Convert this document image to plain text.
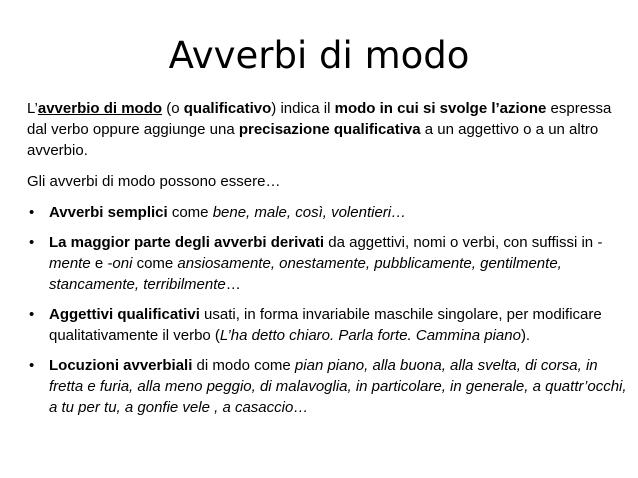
Avverbi di modo

L’avverbio di modo (o qualificativo) indica il modo in cui si svolge l’azione espressa dal verbo oppure aggiunge una precisazione qualificativa a un aggettivo o a un altro avverbio.

Gli avverbi di modo possono essere…

• Avverbi semplici come bene, male, così, volentieri…
• La maggior parte degli avverbi derivati da aggettivi, nomi o verbi, con suffissi in -mente e -oni come ansiosamente, onestamente, pubblicamente, gentilmente, stancamente, terribilmente…
• Aggettivi qualificativi usati, in forma invariabile maschile singolare, per modificare qualitativamente il verbo (L’ha detto chiaro. Parla forte. Cammina piano).
• Locuzioni avverbiali di modo come pian piano, alla buona, alla svelta, di corsa, in fretta e furia, alla meno peggio, di malavoglia, in particolare, in generale, a quattr’occhi, a tu per tu, a gonfie vele , a casaccio…
